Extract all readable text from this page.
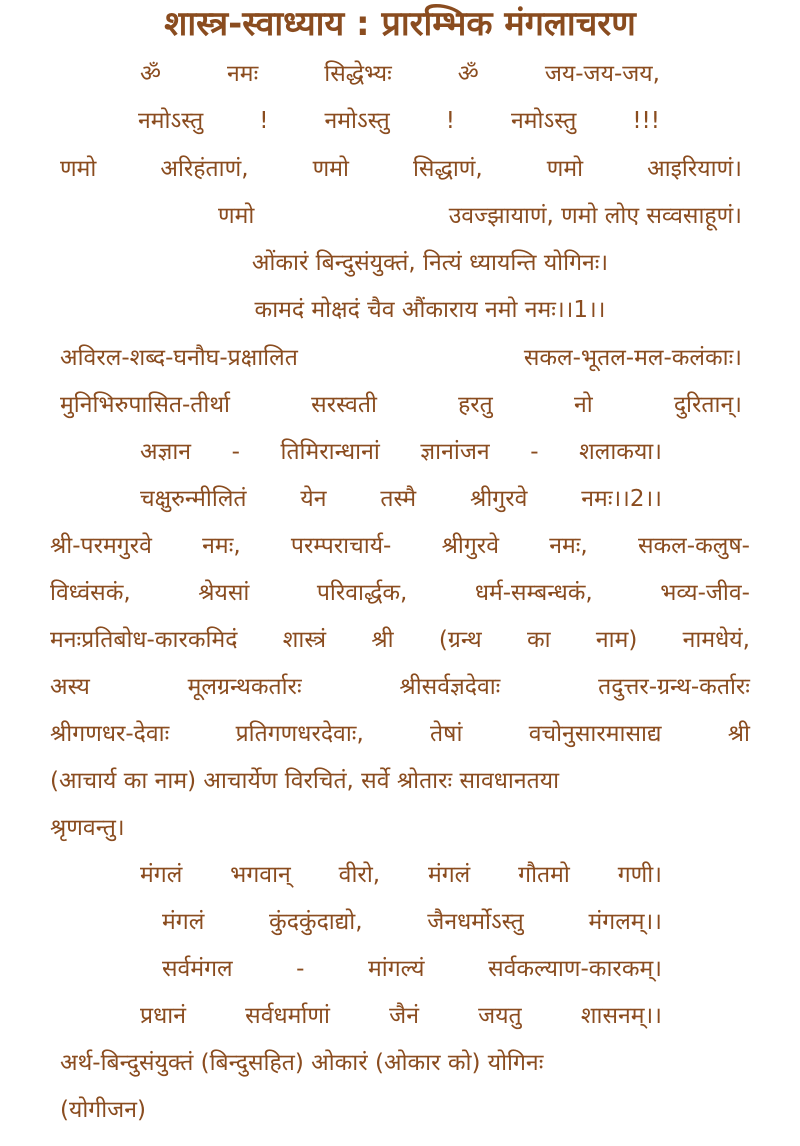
शास्त्र-स्वाध्याय : प्रारम्भिक मंगलाचरण
ॐ	नमः	सिद्धेभ्यः	ॐ	जय-जय-जय,
नमोऽस्तु ! नमोऽस्तु ! नमोऽस्तु !!!
णमो	अरिहंताणं,	णमो	सिद्धाणं,	णमो	आइरियाणं।
णमो	उवज्झायाणं, णमो लोए सव्वसाहूणं।
ओंकारं बिन्दुसंयुक्तं, नित्यं ध्यायन्ति योगिनः।
कामदं मोक्षदं चैव औंकाराय नमो नमः।।1।।
अविरल-शब्द-घनौघ-प्रक्षालित	सकल-भूतल-मल-कलंकाः।
मुनिभिरुपासित-तीर्था	सरस्वती	हरतु	नो	दुरितान्।
अज्ञान - तिमिरान्धानां ज्ञानांजन - शलाकया।
चक्षुरुन्मीलितं येन तस्मै श्रीगुरवे नमः।।2।।
श्री-परमगुरवे नमः, परम्पराचार्य- श्रीगुरवे नमः, सकल-कलुष-
विध्वंसकं,	श्रेयसां	परिवार्द्धक,	धर्म-सम्बन्धकं,	भव्य-जीव-
मनःप्रतिबोध-कारकमिदं शास्त्रं श्री (ग्रन्थ का नाम) नामधेयं,
अस्य	मूलग्रन्थकर्तारः	श्रीसर्वज्ञदेवाः	तदुत्तर-ग्रन्थ-कर्तारः
श्रीगणधर-देवाः	प्रतिगणधरदेवाः,	तेषां	वचोनुसारमासाद्य	श्री
(आचार्य का नाम) आचार्येण विरचितं, सर्वे श्रोतारः सावधानतया
श्रृणवन्तु।
मंगलं भगवान् वीरो, मंगलं गौतमो गणी।
मंगलं	कुंदकुंदाद्यो,	जैनधर्मोऽस्तु	मंगलम्।।
सर्वमंगल	-	मांगल्यं	सर्वकल्याण-कारकम्।
प्रधानं	सर्वधर्माणां	जैनं	जयतु	शासनम्।।
अर्थ-बिन्दुसंयुक्तं (बिन्दुसहित) ओकारं (ओकार को) योगिनः
(योगीजन)
